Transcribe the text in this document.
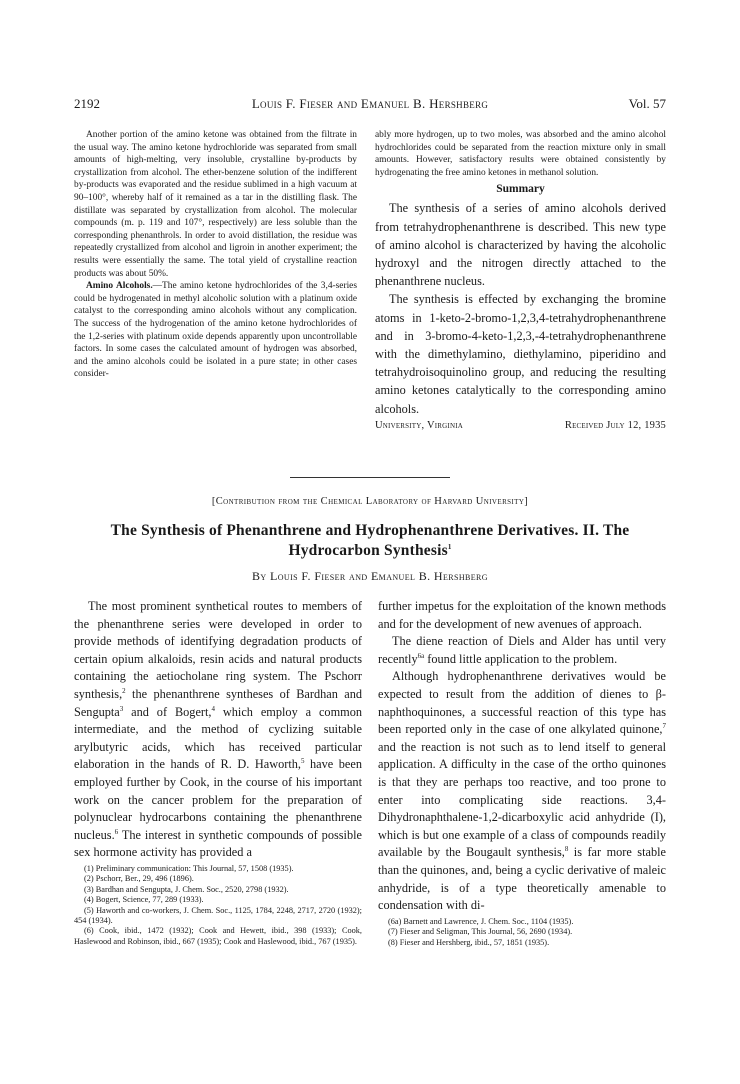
2192	Louis F. Fieser and Emanuel B. Hershberg	Vol. 57

Another portion of the amino ketone was obtained from the filtrate in the usual way. The amino ketone hydrochloride was separated from small amounts of high-melting, very insoluble, crystalline by-products by crystallization from alcohol. The ether-benzene solution of the indifferent by-products was evaporated and the residue sublimed in a high vacuum at 90–100°, whereby half of it remained as a tar in the distilling flask. The distillate was separated by crystallization from alcohol. The molecular compounds (m. p. 119 and 107°, respectively) are less soluble than the corresponding phenanthrols. In order to avoid distillation, the residue was repeatedly crystallized from alcohol and ligroin in another experiment; the results were essentially the same. The total yield of crystalline reaction products was about 50%.

Amino Alcohols.—The amino ketone hydrochlorides of the 3,4-series could be hydrogenated in methyl alcoholic solution with a platinum oxide catalyst to the corresponding amino alcohols without any complication. The success of the hydrogenation of the amino ketone hydrochlorides of the 1,2-series with platinum oxide depends apparently upon uncontrollable factors. In some cases the calculated amount of hydrogen was absorbed, and the amino alcohols could be isolated in a pure state; in other cases consider-

ably more hydrogen, up to two moles, was absorbed and the amino alcohol hydrochlorides could be separated from the reaction mixture only in small amounts. However, satisfactory results were obtained consistently by hydrogenating the free amino ketones in methanol solution.

Summary

The synthesis of a series of amino alcohols derived from tetrahydrophenanthrene is described. This new type of amino alcohol is characterized by having the alcoholic hydroxyl and the nitrogen directly attached to the phenanthrene nucleus.

The synthesis is effected by exchanging the bromine atoms in 1-keto-2-bromo-1,2,3,4-tetrahydrophenanthrene and in 3-bromo-4-keto-1,2,3,-4-tetrahydrophenanthrene with the dimethylamino, diethylamino, piperidino and tetrahydroisoquinolino group, and reducing the resulting amino ketones catalytically to the corresponding amino alcohols.

University, Virginia	Received July 12, 1935
[Contribution from the Chemical Laboratory of Harvard University]
The Synthesis of Phenanthrene and Hydrophenanthrene Derivatives. II. The
Hydrocarbon Synthesis$^1$
By Louis F. Fieser and Emanuel B. Hershberg

The most prominent synthetical routes to members of the phenanthrene series were developed in order to provide methods of identifying degradation products of certain opium alkaloids, resin acids and natural products containing the aetiocholane ring system. The Pschorr synthesis,$^2$ the phenanthrene syntheses of Bardhan and Sengupta$^3$ and of Bogert,$^4$ which employ a common intermediate, and the method of cyclizing suitable arylbutyric acids, which has received particular elaboration in the hands of R. D. Haworth,$^5$ have been employed further by Cook, in the course of his important work on the cancer problem for the preparation of polynuclear hydrocarbons containing the phenanthrene nucleus.$^6$ The interest in synthetic compounds of possible sex hormone activity has provided a

(1) Preliminary communication: This Journal, 57, 1508 (1935).
(2) Pschorr, Ber., 29, 496 (1896).
(3) Bardhan and Sengupta, J. Chem. Soc., 2520, 2798 (1932).
(4) Bogert, Science, 77, 289 (1933).
(5) Haworth and co-workers, J. Chem. Soc., 1125, 1784, 2248, 2717, 2720 (1932); 454 (1934).
(6) Cook, ibid., 1472 (1932); Cook and Hewett, ibid., 398 (1933); Cook, Haslewood and Robinson, ibid., 667 (1935); Cook and Haslewood, ibid., 767 (1935).

further impetus for the exploitation of the known methods and for the development of new avenues of approach.

The diene reaction of Diels and Alder has until very recently$^{6a}$ found little application to the problem.

Although hydrophenanthrene derivatives would be expected to result from the addition of dienes to β-naphthoquinones, a successful reaction of this type has been reported only in the case of one alkylated quinone,$^7$ and the reaction is not such as to lend itself to general application. A difficulty in the case of the ortho quinones is that they are perhaps too reactive, and too prone to enter into complicating side reactions. 3,4-Dihydronaphthalene-1,2-dicarboxylic acid anhydride (I), which is but one example of a class of compounds readily available by the Bougault synthesis,$^8$ is far more stable than the quinones, and, being a cyclic derivative of maleic anhydride, is of a type theoretically amenable to condensation with di-

(6a) Barnett and Lawrence, J. Chem. Soc., 1104 (1935).
(7) Fieser and Seligman, This Journal, 56, 2690 (1934).
(8) Fieser and Hershberg, ibid., 57, 1851 (1935).
